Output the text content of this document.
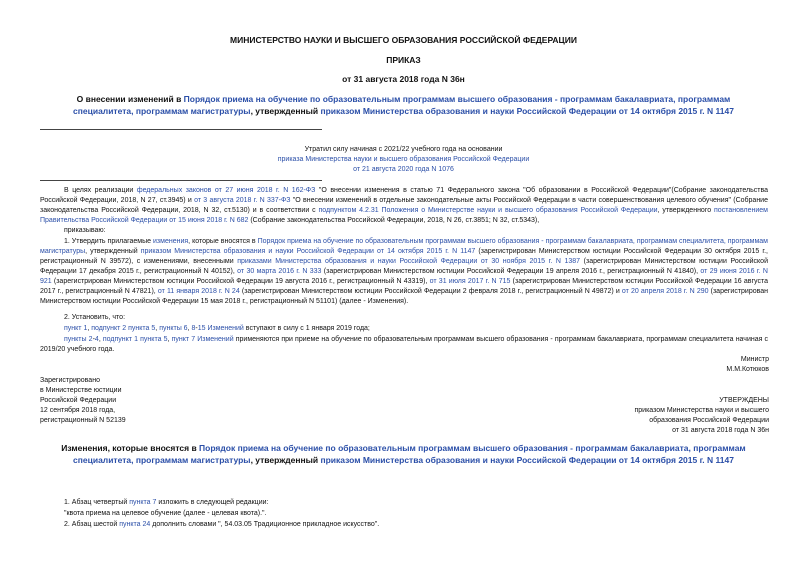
МИНИСТЕРСТВО НАУКИ И ВЫСШЕГО ОБРАЗОВАНИЯ РОССИЙСКОЙ ФЕДЕРАЦИИ
ПРИКАЗ
от 31 августа 2018 года N 36н
О внесении изменений в Порядок приема на обучение по образовательным программам высшего образования - программам бакалавриата, программам специалитета, программам магистратуры, утвержденный приказом Министерства образования и науки Российской Федерации от 14 октября 2015 г. N 1147
Утратил силу начиная с 2021/22 учебного года на основании
приказа Министерства науки и высшего образования Российской Федерации
от 21 августа 2020 года N 1076
В целях реализации федеральных законов от 27 июня 2018 г. N 162-ФЗ "О внесении изменения в статью 71 Федерального закона "Об образовании в Российской Федерации"(Собрание законодательства Российской Федерации, 2018, N 27, ст.3945) и от 3 августа 2018 г. N 337-ФЗ "О внесении изменений в отдельные законодательные акты Российской Федерации в части совершенствования целевого обучения" (Собрание законодательства Российской Федерации, 2018, N 32, ст.5130) и в соответствии с подпунктом 4.2.31 Положения о Министерстве науки и высшего образования Российской Федерации, утвержденного постановлением Правительства Российской Федерации от 15 июня 2018 г. N 682 (Собрание законодательства Российской Федерации, 2018, N 26, ст.3851; N 32, ст.5343),
приказываю:
1. Утвердить прилагаемые изменения, которые вносятся в Порядок приема на обучение по образовательным программам высшего образования - программам бакалавриата, программам специалитета, программам магистратуры, утвержденный приказом Министерства образования и науки Российской Федерации от 14 октября 2015 г. N 1147 (зарегистрирован Министерством юстиции Российской Федерации 30 октября 2015 г., регистрационный N 39572), с изменениями, внесенными приказами Министерства образования и науки Российской Федерации от 30 ноября 2015 г. N 1387 (зарегистрирован Министерством юстиции Российской Федерации 17 декабря 2015 г., регистрационный N 40152), от 30 марта 2016 г. N 333 (зарегистрирован Министерством юстиции Российской Федерации 19 апреля 2016 г., регистрационный N 41840), от 29 июня 2016 г. N 921 (зарегистрирован Министерством юстиции Российской Федерации 19 августа 2016 г., регистрационный N 43319), от 31 июля 2017 г. N 715 (зарегистрирован Министерством юстиции Российской Федерации 16 августа 2017 г., регистрационный N 47821), от 11 января 2018 г. N 24 (зарегистрирован Министерством юстиции Российской Федерации 2 февраля 2018 г., регистрационный N 49872) и от 20 апреля 2018 г. N 290 (зарегистрирован Министерством юстиции Российской Федерации 15 мая 2018 г., регистрационный N 51101) (далее - Изменения).
2. Установить, что:
пункт 1, подпункт 2 пункта 5, пункты 6, 8-15 Изменений вступают в силу с 1 января 2019 года;
пункты 2-4, подпункт 1 пункта 5, пункт 7 Изменений применяются при приеме на обучение по образовательным программам высшего образования - программам бакалавриата, программам специалитета начиная с 2019/20 учебного года.
Министр
М.М.Котюков
Зарегистрировано
в Министерстве юстиции
Российской Федерации
12 сентября 2018 года,
регистрационный N 52139
УТВЕРЖДЕНЫ
приказом Министерства науки и высшего
образования Российской Федерации
от 31 августа 2018 года N 36н
Изменения, которые вносятся в Порядок приема на обучение по образовательным программам высшего образования - программам бакалавриата, программам специалитета, программам магистратуры, утвержденный приказом Министерства образования и науки Российской Федерации от 14 октября 2015 г. N 1147
1. Абзац четвертый пункта 7 изложить в следующей редакции:
"квота приема на целевое обучение (далее - целевая квота).".
2. Абзац шестой пункта 24 дополнить словами ", 54.03.05 Традиционное прикладное искусство".
